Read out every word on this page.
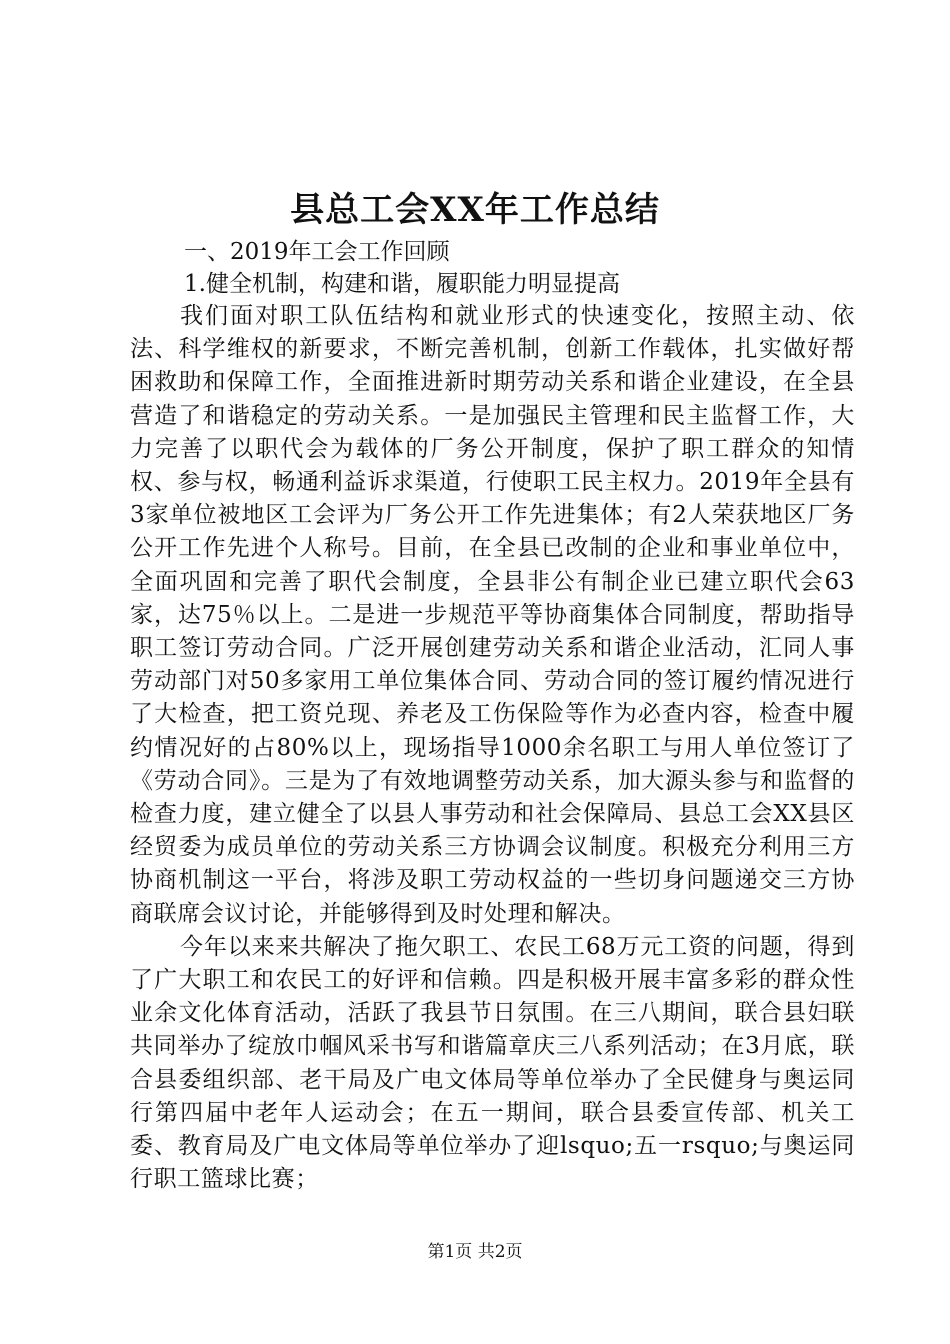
县总工会XX年工作总结
一、2019年工会工作回顾
1.健全机制，构建和谐，履职能力明显提高

我们面对职工队伍结构和就业形式的快速变化，按照主动、依法、科学维权的新要求，不断完善机制，创新工作载体，扎实做好帮困救助和保障工作，全面推进新时期劳动关系和谐企业建设，在全县营造了和谐稳定的劳动关系。一是加强民主管理和民主监督工作，大力完善了以职代会为载体的厂务公开制度，保护了职工群众的知情权、参与权，畅通利益诉求渠道，行使职工民主权力。2019年全县有3家单位被地区工会评为厂务公开工作先进集体；有2人荣获地区厂务公开工作先进个人称号。目前，在全县已改制的企业和事业单位中，全面巩固和完善了职代会制度，全县非公有制企业已建立职代会63家，达75％以上。二是进一步规范平等协商集体合同制度，帮助指导职工签订劳动合同。广泛开展创建劳动关系和谐企业活动，汇同人事劳动部门对50多家用工单位集体合同、劳动合同的签订履约情况进行了大检查，把工资兑现、养老及工伤保险等作为必查内容，检查中履约情况好的占80%以上，现场指导1000余名职工与用人单位签订了《劳动合同》。三是为了有效地调整劳动关系，加大源头参与和监督的检查力度，建立健全了以县人事劳动和社会保障局、县总工会XX县区经贸委为成员单位的劳动关系三方协调会议制度。积极充分利用三方协商机制这一平台，将涉及职工劳动权益的一些切身问题递交三方协商联席会议讨论，并能够得到及时处理和解决。

今年以来来共解决了拖欠职工、农民工68万元工资的问题，得到了广大职工和农民工的好评和信赖。四是积极开展丰富多彩的群众性业余文化体育活动，活跃了我县节日氛围。在三八期间，联合县妇联共同举办了绽放巾帼风采书写和谐篇章庆三八系列活动；在3月底，联合县委组织部、老干局及广电文体局等单位举办了全民健身与奥运同行第四届中老年人运动会；在五一期间，联合县委宣传部、机关工委、教育局及广电文体局等单位举办了迎lsquo;五一rsquo;与奥运同行职工篮球比赛；

第1页 共2页
